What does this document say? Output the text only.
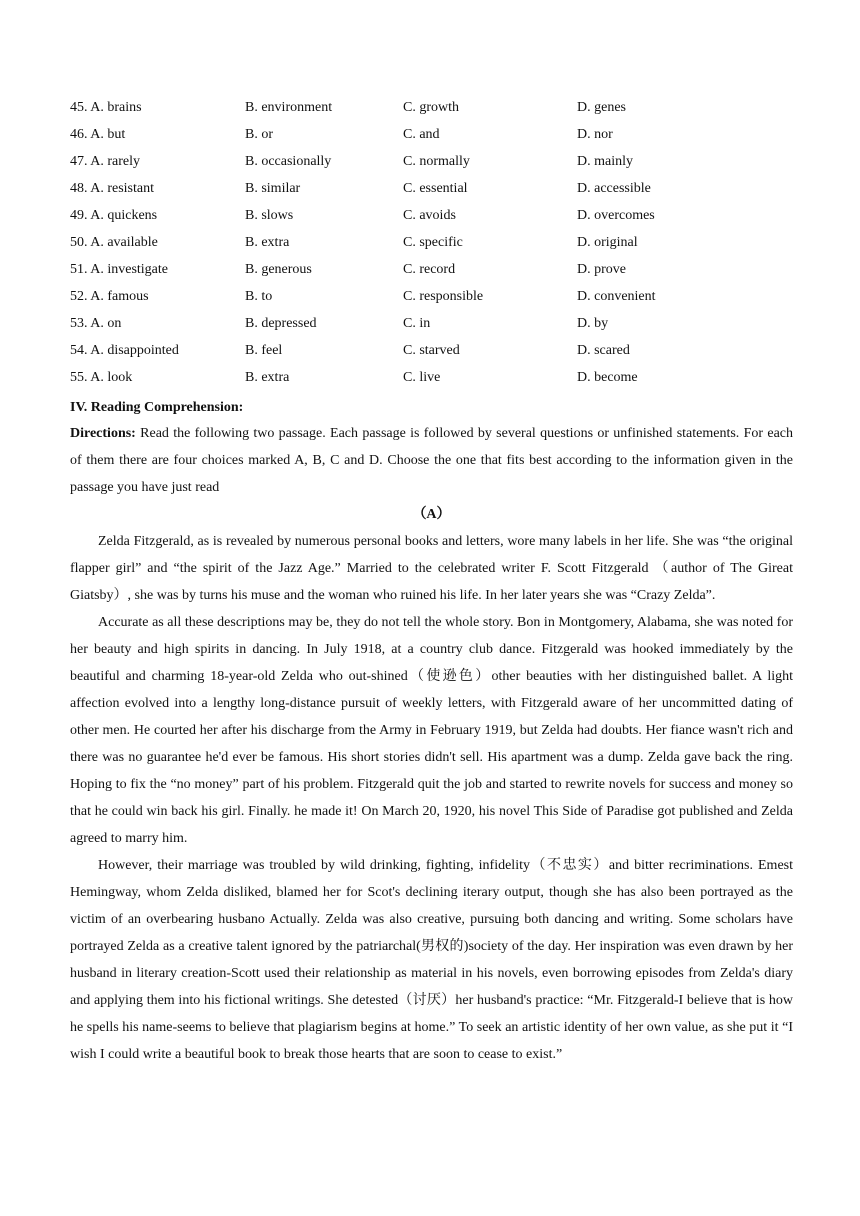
45. A. brains	B. environment	C. growth	D. genes
46. A. but	B. or	C. and	D. nor
47. A. rarely	B. occasionally	C. normally	D. mainly
48. A. resistant	B. similar	C. essential	D. accessible
49. A. quickens	B. slows	C. avoids	D. overcomes
50. A. available	B. extra	C. specific	D. original
51. A. investigate	B. generous	C. record	D. prove
52. A. famous	B. to	C. responsible	D. convenient
53. A. on	B. depressed	C. in	D. by
54. A. disappointed	B. feel	C. starved	D. scared
55. A. look	B. extra	C. live	D. become
IV. Reading Comprehension:

Directions: Read the following two passage. Each passage is followed by several questions or unfinished statements. For each of them there are four choices marked A, B, C and D. Choose the one that fits best according to the information given in the passage you have just read

（A）

Zelda Fitzgerald, as is revealed by numerous personal books and letters, wore many labels in her life. She was “the original flapper girl” and “the spirit of the Jazz Age.” Married to the celebrated writer F. Scott Fitzgerald （author of The Gireat Giatsby）, she was by turns his muse and the woman who ruined his life. In her later years she was “Crazy Zelda”.

Accurate as all these descriptions may be, they do not tell the whole story. Bon in Montgomery, Alabama, she was noted for her beauty and high spirits in dancing. In July 1918, at a country club dance. Fitzgerald was hooked immediately by the beautiful and charming 18-year-old Zelda who out-shined（使逊色）other beauties with her distinguished ballet. A light affection evolved into a lengthy long-distance pursuit of weekly letters, with Fitzgerald aware of her uncommitted dating of other men. He courted her after his discharge from the Army in February 1919, but Zelda had doubts. Her fiance wasn't rich and there was no guarantee he'd ever be famous. His short stories didn't sell. His apartment was a dump. Zelda gave back the ring. Hoping to fix the “no money” part of his problem. Fitzgerald quit the job and started to rewrite novels for success and money so that he could win back his girl. Finally. he made it! On March 20, 1920, his novel This Side of Paradise got published and Zelda agreed to marry him.

However, their marriage was troubled by wild drinking, fighting, infidelity（不忠实）and bitter recriminations. Emest Hemingway, whom Zelda disliked, blamed her for Scot's declining iterary output, though she has also been portrayed as the victim of an overbearing husbano Actually. Zelda was also creative, pursuing both dancing and writing. Some scholars have portrayed Zelda as a creative talent ignored by the patriarchal(男权的)society of the day. Her inspiration was even drawn by her husband in literary creation-Scott used their relationship as material in his novels, even borrowing episodes from Zelda's diary and applying them into his fictional writings. She detested（讨厌）her husband's practice: “Mr. Fitzgerald-I believe that is how he spells his name-seems to believe that plagiarism begins at home.” To seek an artistic identity of her own value, as she put it “I wish I could write a beautiful book to break those hearts that are soon to cease to exist.”
